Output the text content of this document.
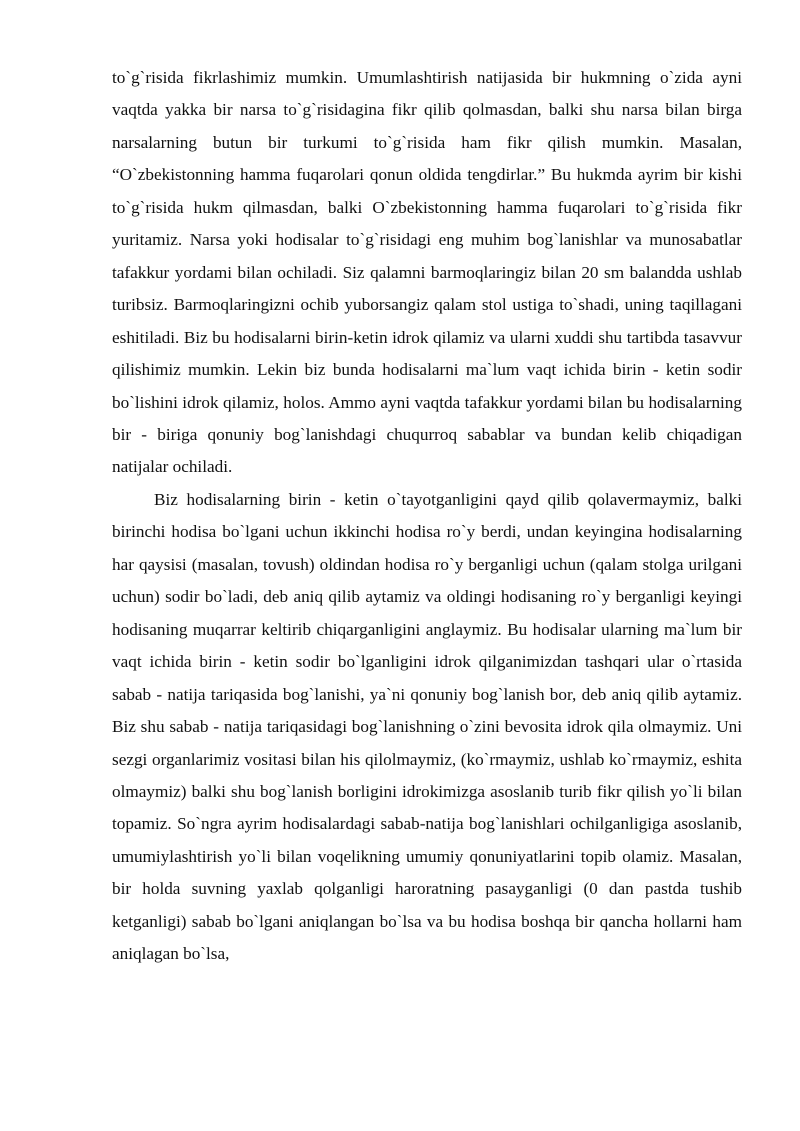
to`g`risida fikrlashimiz mumkin. Umumlashtirish natijasida bir hukmning o`zida ayni vaqtda yakka bir narsa to`g`risidagina fikr qilib qolmasdan, balki shu narsa bilan birga narsalarning butun bir turkumi to`g`risida ham fikr qilish mumkin. Masalan, “O`zbekistonning hamma fuqarolari qonun oldida tengdirlar.” Bu hukmda ayrim bir kishi to`g`risida hukm qilmasdan, balki O`zbekistonning hamma fuqarolari to`g`risida fikr yuritamiz. Narsa yoki hodisalar to`g`risidagi eng muhim bog`lanishlar va munosabatlar tafakkur yordami bilan ochiladi. Siz qalamni barmoqlaringiz bilan 20 sm balandda ushlab turibsiz. Barmoqlaringizni ochib yuborsangiz qalam stol ustiga to`shadi, uning taqillagani eshitiladi. Biz bu hodisalarni birin-ketin idrok qilamiz va ularni xuddi shu tartibda tasavvur qilishimiz mumkin. Lekin biz bunda hodisalarni ma`lum vaqt ichida birin - ketin sodir bo`lishini idrok qilamiz, holos. Ammo ayni vaqtda tafakkur yordami bilan bu hodisalarning bir - biriga qonuniy bog`lanishdagi chuqurroq sabablar va bundan kelib chiqadigan natijalar ochiladi.

Biz hodisalarning birin - ketin o`tayotganligini qayd qilib qolavermaymiz, balki birinchi hodisa bo`lgani uchun ikkinchi hodisa ro`y berdi, undan keyingina hodisalarning har qaysisi (masalan, tovush) oldindan hodisa ro`y berganligi uchun (qalam stolga urilgani uchun) sodir bo`ladi, deb aniq qilib aytamiz va oldingi hodisaning ro`y berganligi keyingi hodisaning muqarrar keltirib chiqarganligini anglaymiz. Bu hodisalar ularning ma`lum bir vaqt ichida birin - ketin sodir bo`lganligini idrok qilganimizdan tashqari ular o`rtasida sabab - natija tariqasida bog`lanishi, ya`ni qonuniy bog`lanish bor, deb aniq qilib aytamiz. Biz shu sabab - natija tariqasidagi bog`lanishning o`zini bevosita idrok qila olmaymiz. Uni sezgi organlarimiz vositasi bilan his qilolmaymiz, (ko`rmaymiz, ushlab ko`rmaymiz, eshita olmaymiz) balki shu bog`lanish borligini idrokimizga asoslanib turib fikr qilish yo`li bilan topamiz. So`ngra ayrim hodisalardagi sabab-natija bog`lanishlari ochilganligiga asoslanib, umumiylashtirish yo`li bilan voqelikning umumiy qonuniyatlarini topib olamiz. Masalan, bir holda suvning yaxlab qolganligi haroratning pasayganligi (0 dan pastda tushib ketganligi) sabab bo`lgani aniqlangan bo`lsa va bu hodisa boshqa bir qancha hollarni ham aniqlagan bo`lsa,
